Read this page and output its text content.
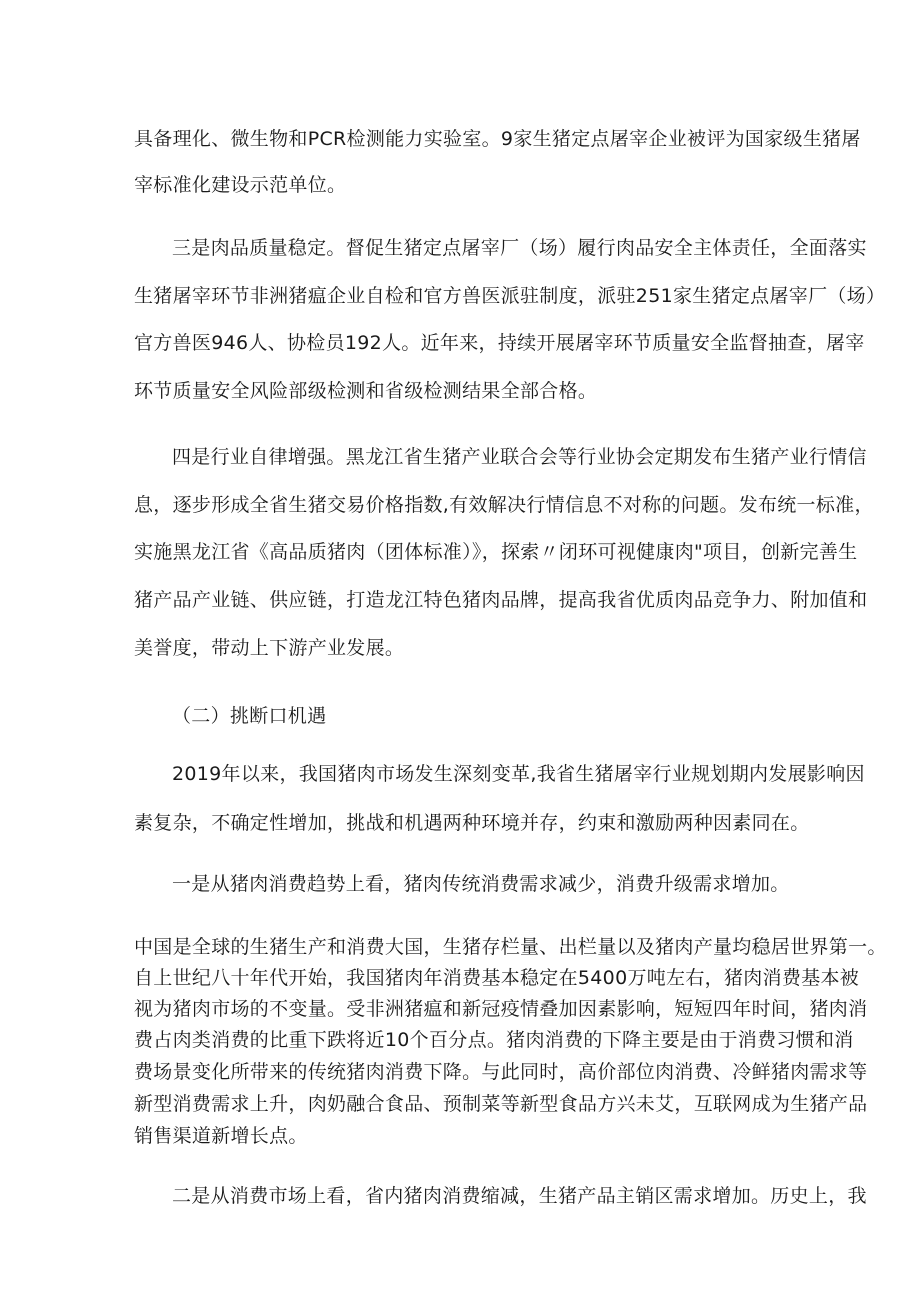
具备理化、微生物和PCR检测能力实验室。9家生猪定点屠宰企业被评为国家级生猪屠
宰标准化建设示范单位。
三是肉品质量稳定。督促生猪定点屠宰厂（场）履行肉品安全主体责任，全面落实
生猪屠宰环节非洲猪瘟企业自检和官方兽医派驻制度，派驻251家生猪定点屠宰厂（场）
官方兽医946人、协检员192人。近年来，持续开展屠宰环节质量安全监督抽查，屠宰
环节质量安全风险部级检测和省级检测结果全部合格。
四是行业自律增强。黑龙江省生猪产业联合会等行业协会定期发布生猪产业行情信
息，逐步形成全省生猪交易价格指数,有效解决行情信息不对称的问题。发布统一标准，
实施黑龙江省《高品质猪肉（团体标准）》，探索〃闭环可视健康肉"项目，创新完善生
猪产品产业链、供应链，打造龙江特色猪肉品牌，提高我省优质肉品竞争力、附加值和
美誉度，带动上下游产业发展。
（二）挑断口机遇
2019年以来，我国猪肉市场发生深刻变革,我省生猪屠宰行业规划期内发展影响因
素复杂，不确定性增加，挑战和机遇两种环境并存，约束和激励两种因素同在。
一是从猪肉消费趋势上看，猪肉传统消费需求减少，消费升级需求增加。
中国是全球的生猪生产和消费大国，生猪存栏量、出栏量以及猪肉产量均稳居世界第一。
自上世纪八十年代开始，我国猪肉年消费基本稳定在5400万吨左右，猪肉消费基本被
视为猪肉市场的不变量。受非洲猪瘟和新冠疫情叠加因素影响，短短四年时间，猪肉消
费占肉类消费的比重下跌将近10个百分点。猪肉消费的下降主要是由于消费习惯和消
费场景变化所带来的传统猪肉消费下降。与此同时，高价部位肉消费、冷鲜猪肉需求等
新型消费需求上升，肉奶融合食品、预制菜等新型食品方兴未艾，互联网成为生猪产品
销售渠道新增长点。
二是从消费市场上看，省内猪肉消费缩减，生猪产品主销区需求增加。历史上，我
